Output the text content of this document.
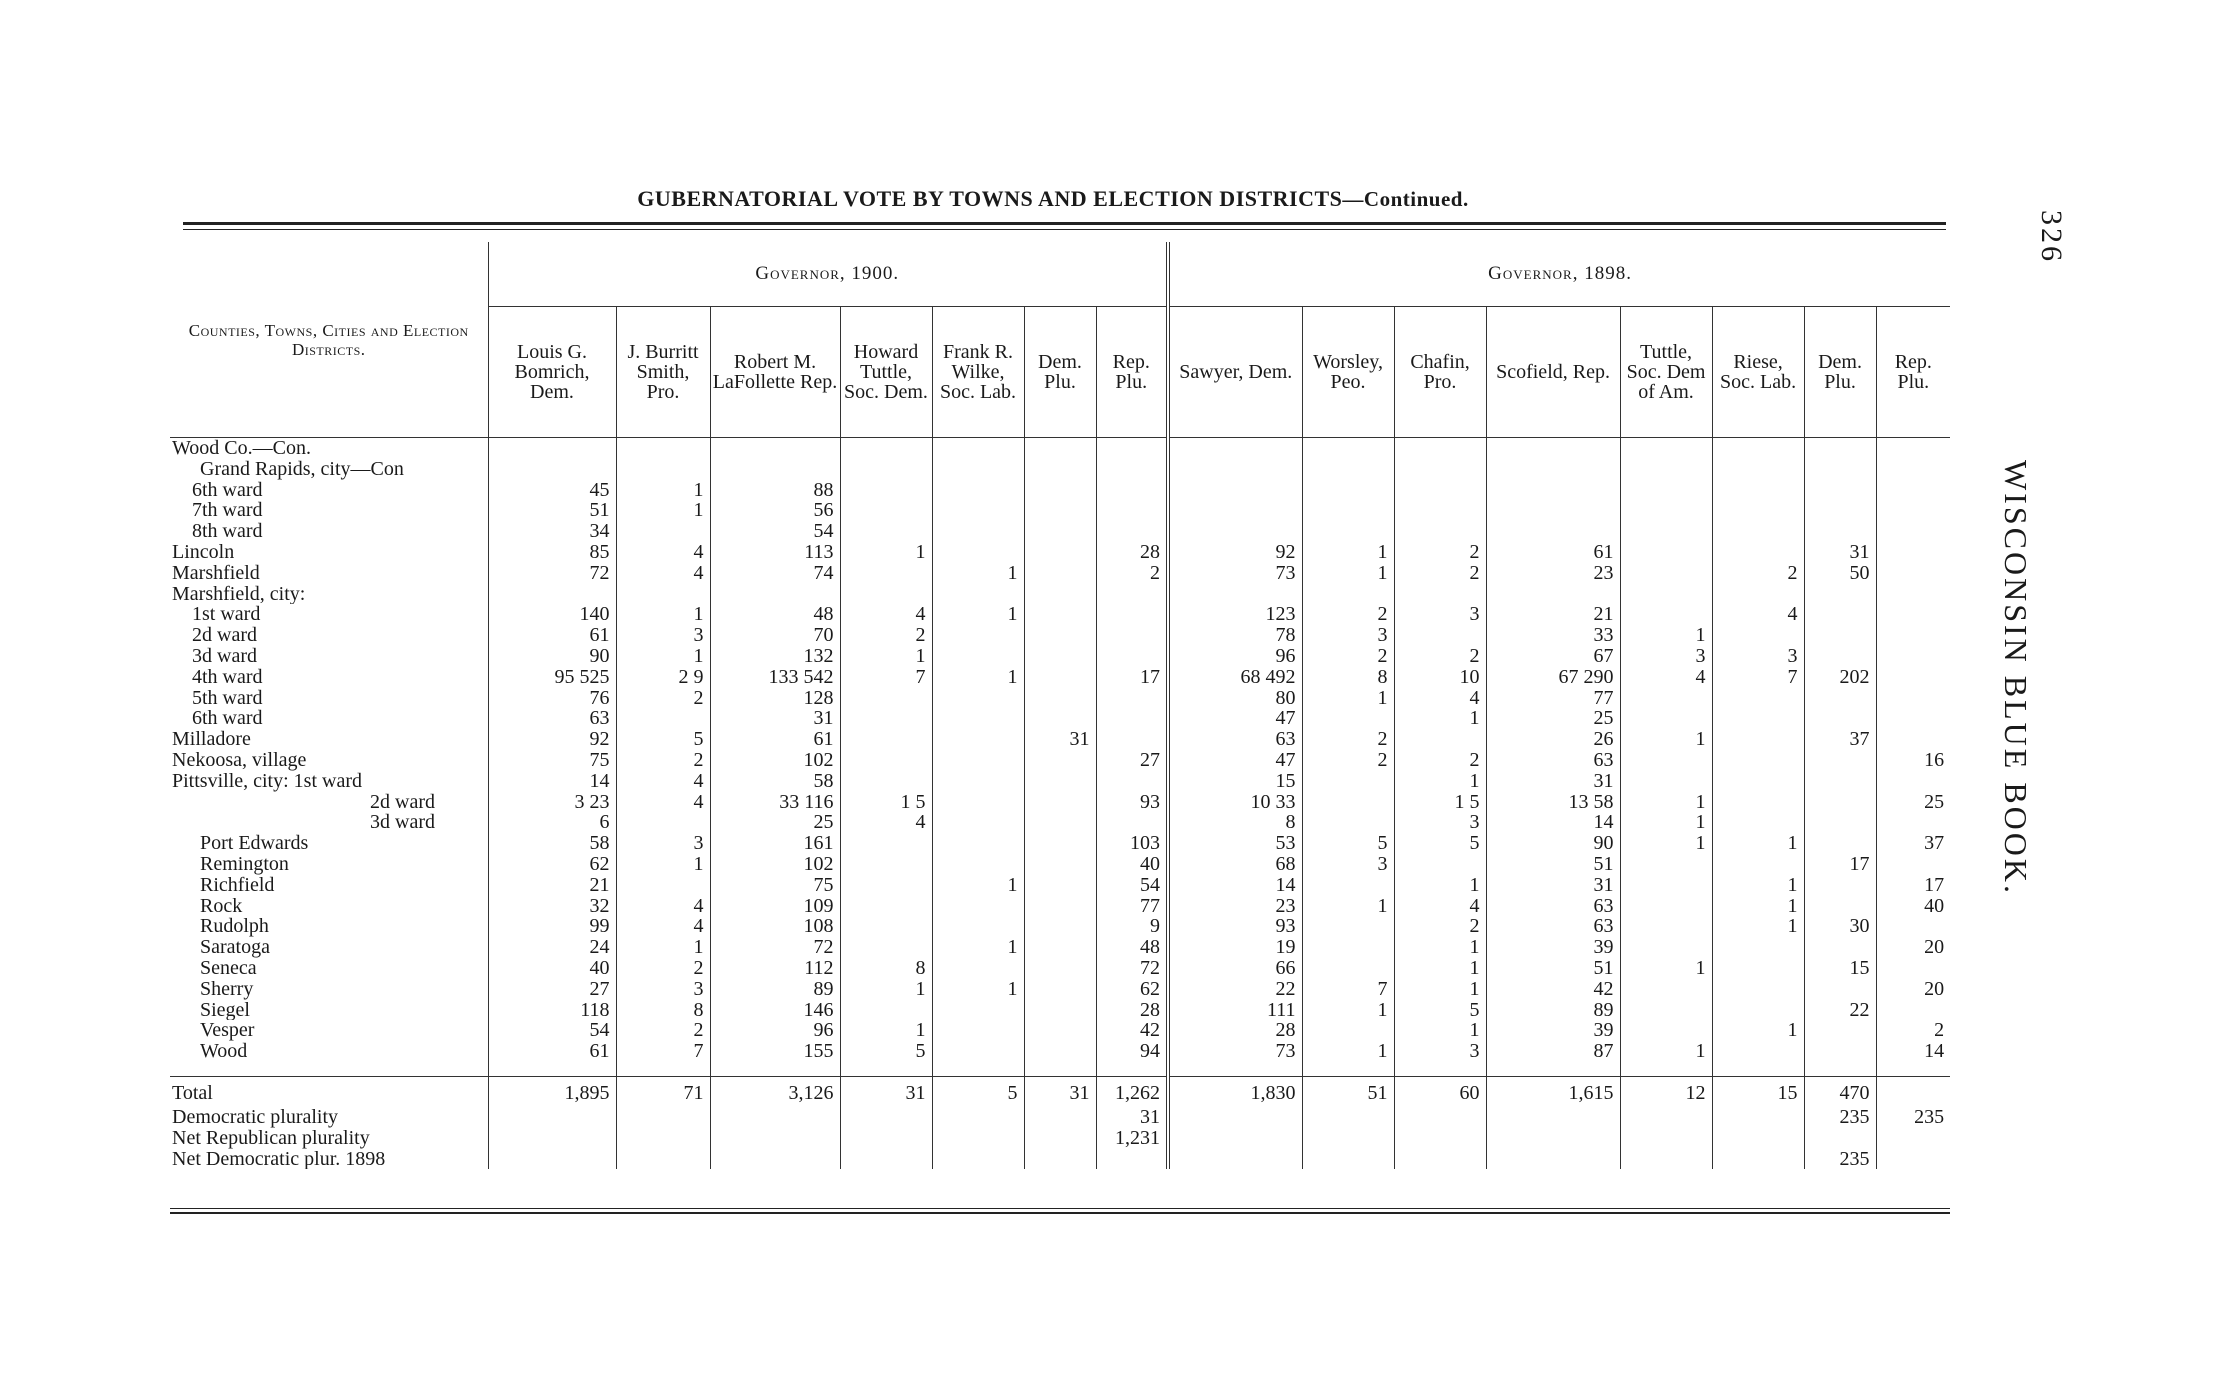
GUBERNATORIAL VOTE BY TOWNS AND ELECTION DISTRICTS—Continued.
326
WISCONSIN BLUE BOOK.
Counties, Towns, Cities and Election Districts.	Governor, 1900.							Governor, 1898.							
	Louis G. Bomrich, Dem.	J. Burritt Smith, Pro.	Robert M. LaFollette Rep.	Howard Tuttle, Soc. Dem.	Frank R. Wilke, Soc. Lab.	Dem. Plu.	Rep. Plu.	Sawyer, Dem.	Worsley, Peo.	Chafin, Pro.	Scofield, Rep.	Tuttle, Soc. Dem of Am.	Riese, Soc. Lab.	Dem. Plu.	Rep. Plu.
Wood Co.—Con.															
Grand Rapids, city—Con															
6th ward	45	1	88												
7th ward	51	1	56												
8th ward	34		54												
Lincoln	85	4	113	1			28	92	1	2	61			31	
Marshfield	72	4	74		1		2	73	1	2	23		2	50	
Marshfield, city:															
1st ward	140	1	48	4	1			123	2	3	21		4		
2d ward	61	3	70	2				78	3		33	1			
3d ward	90	1	132	1				96	2	2	67	3	3		
4th ward	95 525	2 9	133 542	7	1		17	68 492	8	10	67 290	4	7	202	
5th ward	76	2	128					80	1	4	77				
6th ward	63		31					47		1	25				
Milladore	92	5	61			31		63	2		26	1		37	
Nekoosa, village	75	2	102				27	47	2	2	63				16
Pittsville, city: 1st ward	14	4	58					15		1	31				
2d ward	3 23	4	33 116	1 5			93	10 33		1 5	13 58	1			25
3d ward	6		25	4				8		3	14	1			
Port Edwards	58	3	161				103	53	5	5	90	1	1		37
Remington	62	1	102				40	68	3		51			17	
Richfield	21		75		1		54	14		1	31		1		17
Rock	32	4	109				77	23	1	4	63		1		40
Rudolph	99	4	108				9	93		2	63		1	30	
Saratoga	24	1	72		1		48	19		1	39				20
Seneca	40	2	112	8			72	66		1	51	1		15	
Sherry	27	3	89	1	1		62	22	7	1	42				20
Siegel	118	8	146				28	111	1	5	89			22	
Vesper	54	2	96	1			42	28		1	39		1		2
Wood	61	7	155	5			94	73	1	3	87	1			14

Total	1,895	71	3,126	31	5	31	1,262	1,830	51	60	1,615	12	15	470	
Democratic plurality							31							235	235
Net Republican plurality							1,231								
Net Democratic plur. 1898														235	
